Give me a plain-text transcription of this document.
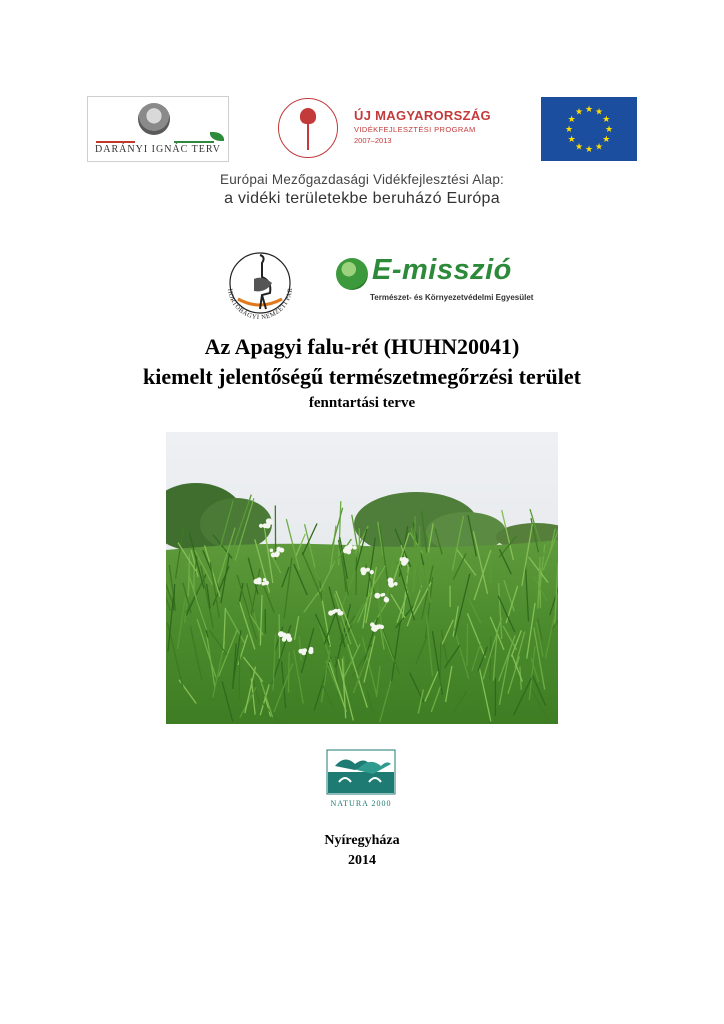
DARÁNYI IGNÁC TERV
ÚJ MAGYARORSZÁG
VIDÉKFEJLESZTÉSI PROGRAM
2007–2013
★ ★
★
★
★
★
★
★
★
★
★
★
Európai Mezőgazdasági Vidékfejlesztési Alap:
a vidéki területekbe beruházó Európa
HORTOBÁGYI NEMZETI PAR
E-misszió
Természet- és Környezetvédelmi Egyesület
Az Apagyi falu-rét (HUHN20041)
kiemelt jelentőségű természetmegőrzési terület
fenntartási terve
NATURA 2000
Nyíregyháza
2014
